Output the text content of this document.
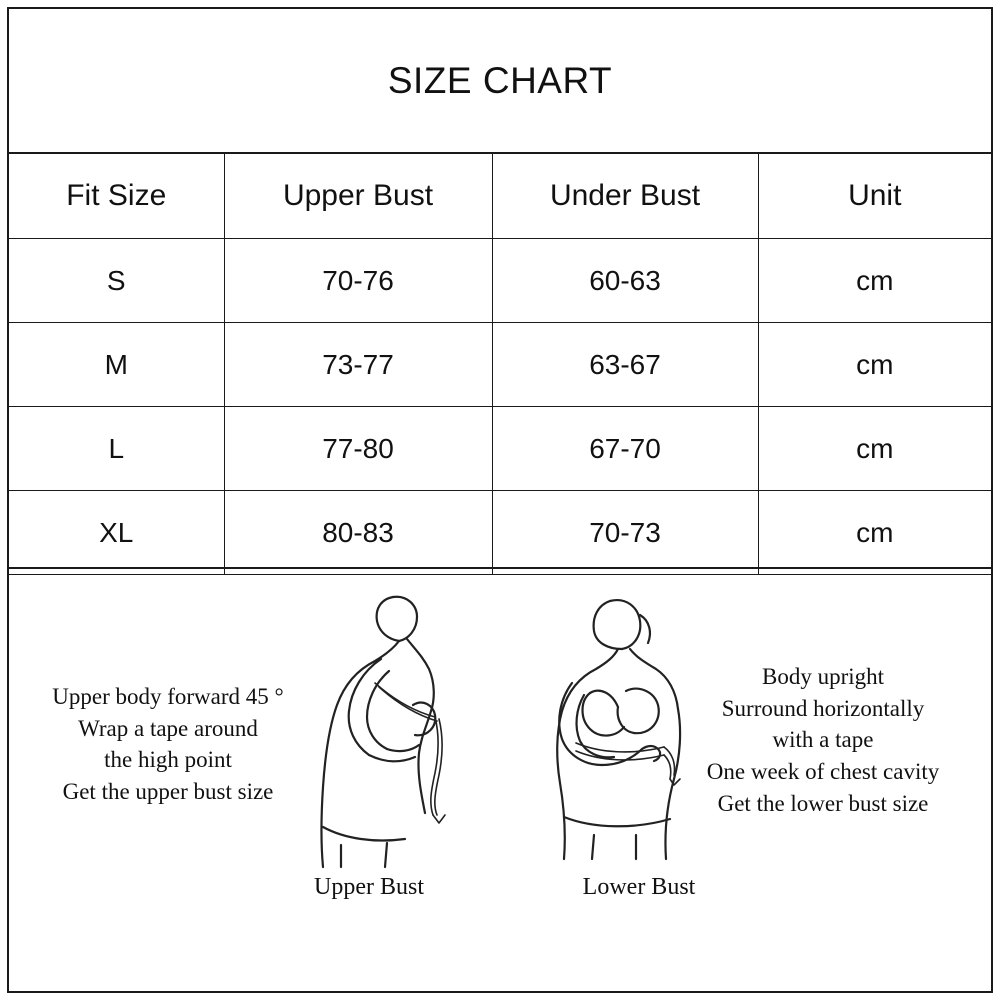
SIZE CHART
Fit Size	Upper Bust	Under Bust	Unit
S	70-76	60-63	cm
M	73-77	63-67	cm
L	77-80	67-70	cm
XL	80-83	70-73	cm
Upper body forward 45 °
Wrap a tape around
the high point
Get the upper bust size
Body upright
Surround horizontally
with a tape
One week of chest cavity
Get the lower bust size
Upper Bust	Lower Bust
